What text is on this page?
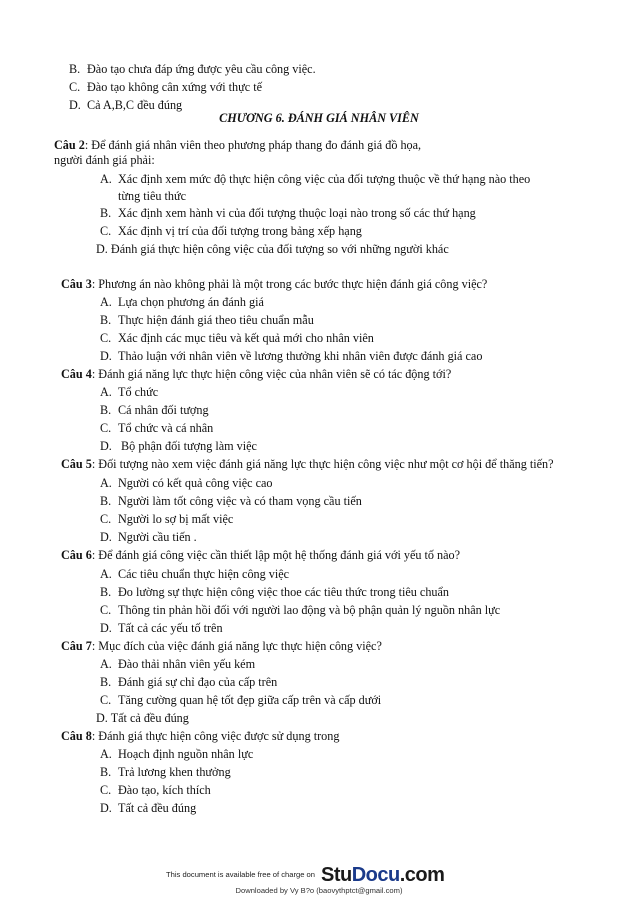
B. Đào tạo chưa đáp ứng được yêu cầu công việc.
C. Đào tạo không cân xứng với thực tế
D. Cả A,B,C đều đúng
CHƯƠNG 6. ĐÁNH GIÁ NHÂN VIÊN
Câu 2: Để đánh giá nhân viên theo phương pháp thang đo đánh giá đồ họa,
người đánh giá phải:
A. Xác định xem mức độ thực hiện công việc của đối tượng thuộc về thứ hạng nào theo
từng tiêu thức
B. Xác định xem hành vi của đối tượng thuộc loại nào trong số các thứ hạng
C. Xác định vị trí của đối tượng trong bảng xếp hạng
D. Đánh giá thực hiện công việc của đối tượng so với những người khác
Câu 3: Phương án nào không phải là một trong các bước thực hiện đánh giá công việc?
A. Lựa chọn phương án đánh giá
B. Thực hiện đánh giá theo tiêu chuẩn mẫu
C. Xác định các mục tiêu và kết quả mới cho nhân viên
D. Thảo luận với nhân viên về lương thưởng khi nhân viên được đánh giá cao
Câu 4: Đánh giá năng lực thực hiện công việc của nhân viên sẽ có tác động tới?
A. Tổ chức
B. Cá nhân đối tượng
C. Tổ chức và cá nhân
D. Bộ phận đối tượng làm việc
Câu 5: Đối tượng nào xem việc đánh giá năng lực thực hiện công việc như một cơ hội để thăng tiến?
A. Người có kết quả công việc cao
B. Người làm tốt công việc và có tham vọng cầu tiến
C. Người lo sợ bị mất việc
D. Người cầu tiến .
Câu 6: Để đánh giá công việc cần thiết lập một hệ thống đánh giá với yếu tố nào?
A. Các tiêu chuẩn thực hiện công việc
B. Đo lường sự thực hiện công việc thoe các tiêu thức trong tiêu chuẩn
C. Thông tin phản hồi đối với người lao động và bộ phận quản lý nguồn nhân lực
D. Tất cả các yếu tố trên
Câu 7: Mục đích của việc đánh giá năng lực thực hiện công việc?
A. Đào thải nhân viên yếu kém
B. Đánh giá sự chỉ đạo của cấp trên
C. Tăng cường quan hệ tốt đẹp giữa cấp trên và cấp dưới
D. Tất cả đều đúng
Câu 8: Đánh giá thực hiện công việc được sử dụng trong
A. Hoạch định nguồn nhân lực
B. Trả lương khen thưởng
C. Đào tạo, kích thích
D. Tất cả đều đúng
This document is available free of charge on StuDocu.com
Downloaded by Vy B?o (baovythptct@gmail.com)
